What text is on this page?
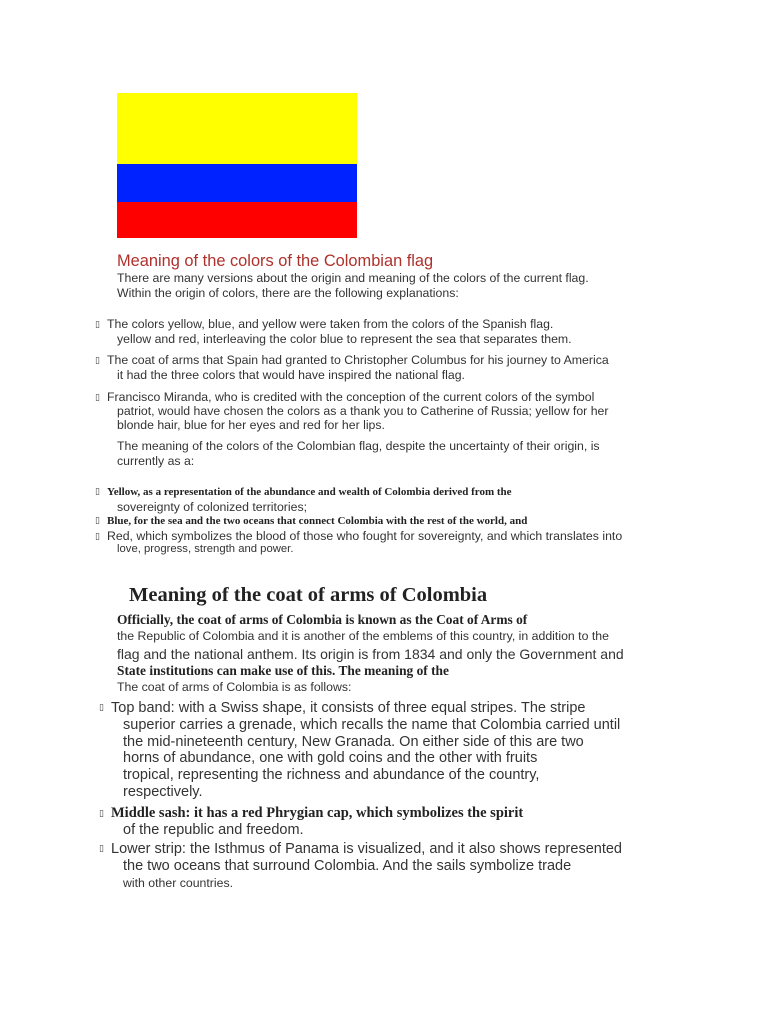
Meaning of the colors of the Colombian flag
There are many versions about the origin and meaning of the colors of the current flag.
Within the origin of colors, there are the following explanations:
▯ The colors yellow, blue, and yellow were taken from the colors of the Spanish flag.
yellow and red, interleaving the color blue to represent the sea that separates them.
▯ The coat of arms that Spain had granted to Christopher Columbus for his journey to America
it had the three colors that would have inspired the national flag.
▯ Francisco Miranda, who is credited with the conception of the current colors of the symbol
patriot, would have chosen the colors as a thank you to Catherine of Russia; yellow for her
blonde hair, blue for her eyes and red for her lips.
The meaning of the colors of the Colombian flag, despite the uncertainty of their origin, is
currently as a:
▯ Yellow, as a representation of the abundance and wealth of Colombia derived from the
sovereignty of colonized territories;
▯ Blue, for the sea and the two oceans that connect Colombia with the rest of the world, and
▯ Red, which symbolizes the blood of those who fought for sovereignty, and which translates into
love, progress, strength and power.
Meaning of the coat of arms of Colombia
Officially, the coat of arms of Colombia is known as the Coat of Arms of
the Republic of Colombia and it is another of the emblems of this country, in addition to the
flag and the national anthem. Its origin is from 1834 and only the Government and
State institutions can make use of this. The meaning of the
The coat of arms of Colombia is as follows:
▯ Top band: with a Swiss shape, it consists of three equal stripes. The stripe
superior carries a grenade, which recalls the name that Colombia carried until
the mid-nineteenth century, New Granada. On either side of this are two
horns of abundance, one with gold coins and the other with fruits
tropical, representing the richness and abundance of the country,
respectively.
▯ Middle sash: it has a red Phrygian cap, which symbolizes the spirit
of the republic and freedom.
▯ Lower strip: the Isthmus of Panama is visualized, and it also shows represented
the two oceans that surround Colombia. And the sails symbolize trade
with other countries.
